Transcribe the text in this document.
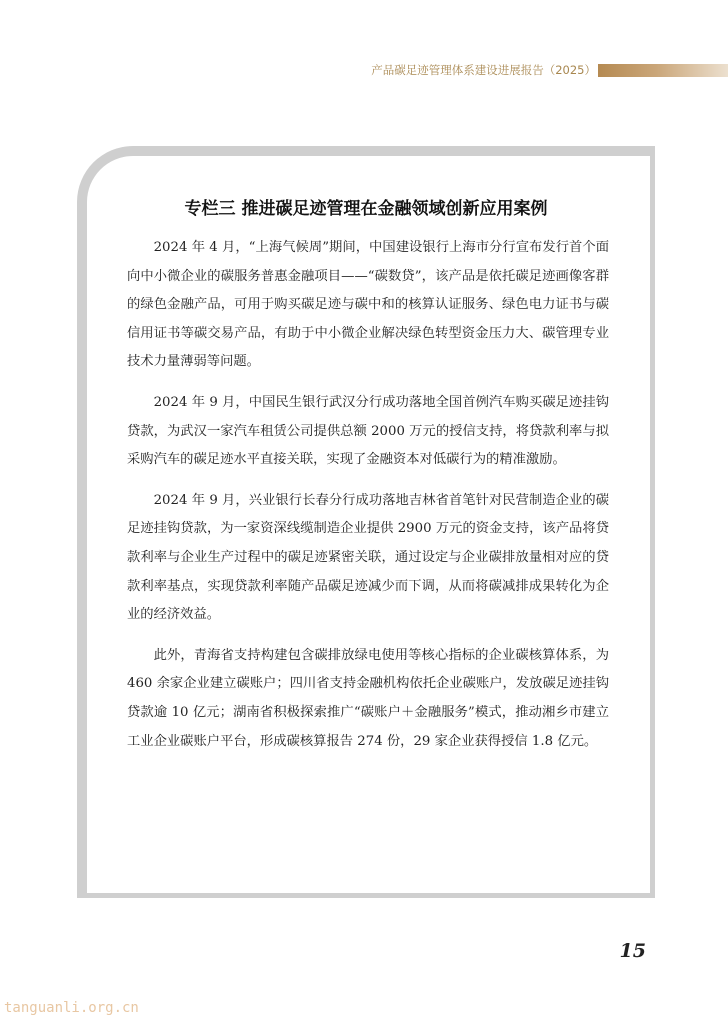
产品碳足迹管理体系建设进展报告（2025）
专栏三 推进碳足迹管理在金融领域创新应用案例

2024 年 4 月，“上海气候周”期间，中国建设银行上海市分行宣布发行首个面向中小微企业的碳服务普惠金融项目——“碳数贷”，该产品是依托碳足迹画像客群的绿色金融产品，可用于购买碳足迹与碳中和的核算认证服务、绿色电力证书与碳信用证书等碳交易产品，有助于中小微企业解决绿色转型资金压力大、碳管理专业技术力量薄弱等问题。

2024 年 9 月，中国民生银行武汉分行成功落地全国首例汽车购买碳足迹挂钩贷款，为武汉一家汽车租赁公司提供总额 2000 万元的授信支持，将贷款利率与拟采购汽车的碳足迹水平直接关联，实现了金融资本对低碳行为的精准激励。

2024 年 9 月，兴业银行长春分行成功落地吉林省首笔针对民营制造企业的碳足迹挂钩贷款，为一家资深线缆制造企业提供 2900 万元的资金支持，该产品将贷款利率与企业生产过程中的碳足迹紧密关联，通过设定与企业碳排放量相对应的贷款利率基点，实现贷款利率随产品碳足迹减少而下调，从而将碳减排成果转化为企业的经济效益。

此外，青海省支持构建包含碳排放绿电使用等核心指标的企业碳核算体系，为 460 余家企业建立碳账户；四川省支持金融机构依托企业碳账户，发放碳足迹挂钩贷款逾 10 亿元；湖南省积极探索推广“碳账户＋金融服务”模式，推动湘乡市建立工业企业碳账户平台，形成碳核算报告 274 份，29 家企业获得授信 1.8 亿元。

15
tanguanli.org.cn
